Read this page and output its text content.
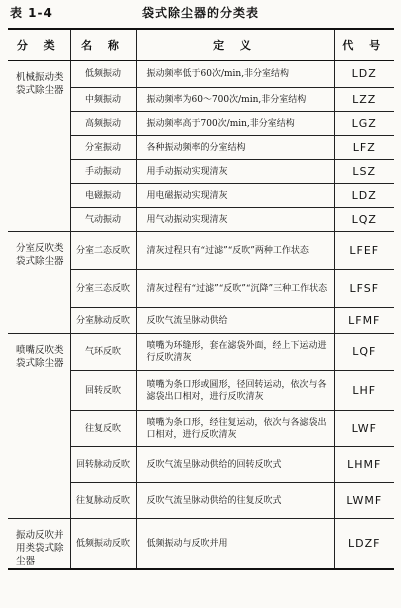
表 1-4	袋式除尘器的分类表
分 类	名 称	定 义	代 号
机械振动类袋式除尘器	低频振动	振动频率低于60次/min,非分室结构	LDZ
	中频振动	振动频率为60～700次/min,非分室结构	LZZ
	高频振动	振动频率高于700次/min,非分室结构	LGZ
	分室振动	各种振动频率的分室结构	LFZ
	手动振动	用手动振动实现清灰	LSZ
	电磁振动	用电磁振动实现清灰	LDZ
	气动振动	用气动振动实现清灰	LQZ
分室反吹类袋式除尘器	分室二态反吹	清灰过程只有“过滤”“反吹”两种工作状态	LFEF
	分室三态反吹	清灰过程有“过滤”“反吹”“沉降”三种工作状态	LFSF
	分室脉动反吹	反吹气流呈脉动供给	LFMF
喷嘴反吹类袋式除尘器	气环反吹	喷嘴为环缝形，套在滤袋外面，经上下运动进行反吹清灰	LQF
	回转反吹	喷嘴为条口形或圆形，径回转运动，依次与各滤袋出口相对，进行反吹清灰	LHF
	往复反吹	喷嘴为条口形，经往复运动，依次与各滤袋出口相对，进行反吹清灰	LWF
	回转脉动反吹	反吹气流呈脉动供给的回转反吹式	LHMF
	往复脉动反吹	反吹气流呈脉动供给的往复反吹式	LWMF
振动反吹并用类袋式除尘器	低频振动反吹	低频振动与反吹并用	LDZF
